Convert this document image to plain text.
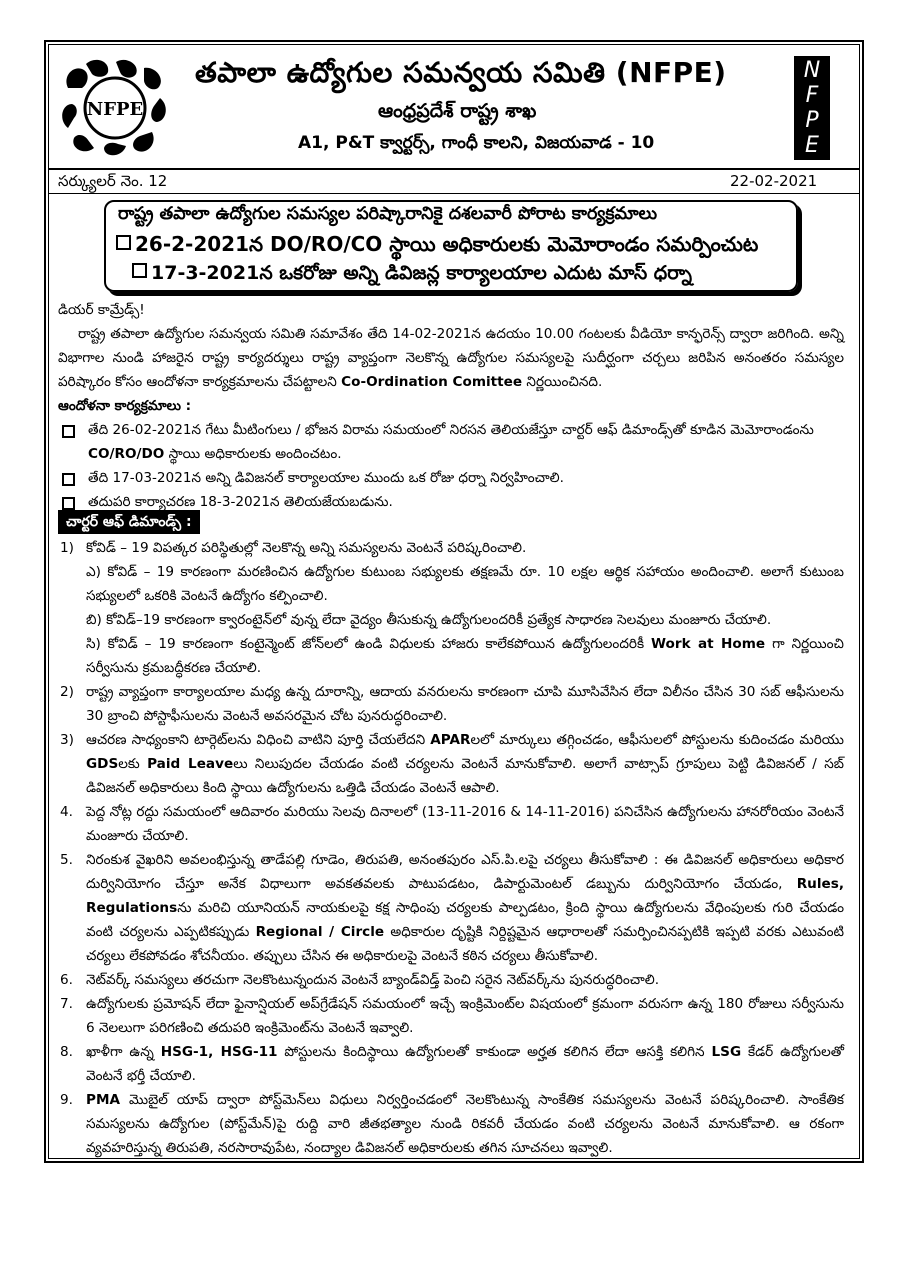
NFPE
తపాలా ఉద్యోగుల సమన్వయ సమితి (NFPE)
ఆంధ్రప్రదేశ్ రాష్ట్ర శాఖ
A1, P&T క్వార్టర్స్, గాంధీ కాలని, విజయవాడ - 10
N
F
P
E
సర్క్యులర్ నెం. 12	22-02-2021
రాష్ట్ర తపాలా ఉద్యోగుల సమస్యల పరిష్కారానికై దశలవారీ పోరాట కార్యక్రమాలు
26-2-2021న DO/RO/CO స్థాయి అధికారులకు మెమోరాండం సమర్పించుట
17-3-2021న ఒకరోజు అన్ని డివిజన్ల కార్యాలయాల ఎదుట మాస్ ధర్నా
డియర్ కామ్రేడ్స్!
రాష్ట్ర తపాలా ఉద్యోగుల సమన్వయ సమితి సమావేశం తేది 14-02-2021న ఉదయం 10.00 గంటలకు వీడియో కాన్ఫరెన్స్ ద్వారా జరిగింది. అన్ని విభాగాల నుండి హాజరైన రాష్ట్ర కార్యదర్శులు రాష్ట్ర వ్యాప్తంగా నెలకొన్న ఉద్యోగుల సమస్యలపై సుదీర్ఘంగా చర్చలు జరిపిన అనంతరం సమస్యల పరిష్కారం కోసం ఆందోళనా కార్యక్రమాలను చేపట్టాలని Co-Ordination Comittee నిర్ణయించినది.
ఆందోళనా కార్యక్రమాలు :
తేది 26-02-2021న గేటు మీటింగులు / భోజన విరామ సమయంలో నిరసన తెలియజేస్తూ చార్టర్ ఆఫ్ డిమాండ్స్‌తో కూడిన మెమోరాండంను CO/RO/DO స్థాయి అధికారులకు అందించటం.
తేది 17-03-2021న అన్ని డివిజనల్ కార్యాలయాల ముందు ఒక రోజు ధర్నా నిర్వహించాలి.
తదుపరి కార్యాచరణ 18-3-2021న తెలియజేయబడును.
చార్టర్ ఆఫ్ డిమాండ్స్ :
1) కోవిడ్ – 19 విపత్కర పరిస్థితుల్లో నెలకొన్న అన్ని సమస్యలను వెంటనే పరిష్కరించాలి.
ఎ) కోవిడ్ – 19 కారణంగా మరణించిన ఉద్యోగుల కుటుంబ సభ్యులకు తక్షణమే రూ. 10 లక్షల ఆర్థిక సహాయం అందించాలి. అలాగే కుటుంబ సభ్యులలో ఒకరికి వెంటనే ఉద్యోగం కల్పించాలి.
బి) కోవిడ్–19 కారణంగా క్వారంటైన్‌లో వున్న లేదా వైద్యం తీసుకున్న ఉద్యోగులందరికీ ప్రత్యేక సాధారణ సెలవులు మంజూరు చేయాలి.
సి) కోవిడ్ – 19 కారణంగా కంటైన్మెంట్ జోన్‌లలో ఉండి విధులకు హాజరు కాలేకపోయిన ఉద్యోగులందరికీ Work at Home గా నిర్ణయించి సర్వీసును క్రమబద్ధీకరణ చేయాలి.
2) రాష్ట్ర వ్యాప్తంగా కార్యాలయాల మధ్య ఉన్న దూరాన్ని, ఆదాయ వనరులను కారణంగా చూపి మూసివేసిన లేదా విలీనం చేసిన 30 సబ్ ఆఫీసులను 30 బ్రాంచి పోస్టాఫీసులను వెంటనే అవసరమైన చోట పునరుద్ధరించాలి.
3) ఆచరణ సాధ్యంకాని టార్గెట్‌లను విధించి వాటిని పూర్తి చేయలేదని APARలలో మార్కులు తగ్గించడం, ఆఫీసులలో పోస్టులను కుదించడం మరియు GDSలకు Paid Leaveలు నిలుపుదల చేయడం వంటి చర్యలను వెంటనే మానుకోవాలి. అలాగే వాట్సాప్ గ్రూపులు పెట్టి డివిజనల్ / సబ్ డివిజనల్ అధికారులు కింది స్థాయి ఉద్యోగులను ఒత్తిడి చేయడం వెంటనే ఆపాలి.
4. పెద్ద నోట్ల రద్దు సమయంలో ఆదివారం మరియు సెలవు దినాలలో (13-11-2016 & 14-11-2016) పనిచేసిన ఉద్యోగులను హానరోరియం వెంటనే మంజూరు చేయాలి.
5. నిరంకుశ వైఖరిని అవలంభిస్తున్న తాడేపల్లి గూడెం, తిరుపతి, అనంతపురం ఎస్.పి.లపై చర్యలు తీసుకోవాలి : ఈ డివిజనల్ అధికారులు అధికార దుర్వినియోగం చేస్తూ అనేక విధాలుగా అవకతవలకు పాటుపడటం, డిపార్టుమెంటల్ డబ్బును దుర్వినియోగం చేయడం, Rules, Regulationsను మరిచి యూనియన్ నాయకులపై కక్ష సాధింపు చర్యలకు పాల్పడటం, క్రింది స్థాయి ఉద్యోగులను వేధింపులకు గురి చేయడం వంటి చర్యలను ఎప్పటికప్పుడు Regional / Circle అధికారుల దృష్టికి నిర్దిష్టమైన ఆధారాలతో సమర్పించినప్పటికి ఇప్పటి వరకు ఎటువంటి చర్యలు లేకపోవడం శోచనీయం. తప్పులు చేసిన ఈ అధికారులపై వెంటనే కఠిన చర్యలు తీసుకోవాలి.
6. నెట్‌వర్క్ సమస్యలు తరచుగా నెలకొంటున్నందున వెంటనే బ్యాండ్‌విడ్త్ పెంచి సరైన నెట్‌వర్క్‌ను పునరుద్ధరించాలి.
7. ఉద్యోగులకు ప్రమోషన్ లేదా ఫైనాన్షియల్ అప్‌గ్రేడేషన్ సమయంలో ఇచ్చే ఇంక్రిమెంట్‌ల విషయంలో క్రమంగా వరుసగా ఉన్న 180 రోజులు సర్వీసును 6 నెలలుగా పరిగణించి తదుపరి ఇంక్రిమెంట్‌ను వెంటనే ఇవ్వాలి.
8. ఖాళీగా ఉన్న HSG-1, HSG-11 పోస్టులను కిందిస్థాయి ఉద్యోగులతో కాకుండా అర్హత కలిగిన లేదా ఆసక్తి కలిగిన LSG కేడర్ ఉద్యోగులతో వెంటనే భర్తీ చేయాలి.
9. PMA మొబైల్ యాప్ ద్వారా పోస్ట్‌మెన్‌లు విధులు నిర్వర్తించడంలో నెలకొంటున్న సాంకేతిక సమస్యలను వెంటనే పరిష్కరించాలి. సాంకేతిక సమస్యలను ఉద్యోగుల (పోస్ట్‌మేన్)పై రుద్ది వారి జీతభత్యాల నుండి రికవరీ చేయడం వంటి చర్యలను వెంటనే మానుకోవాలి. ఆ రకంగా వ్యవహరిస్తున్న తిరుపతి, నరసారావుపేట, నంద్యాల డివిజనల్ అధికారులకు తగిన సూచనలు ఇవ్వాలి.
